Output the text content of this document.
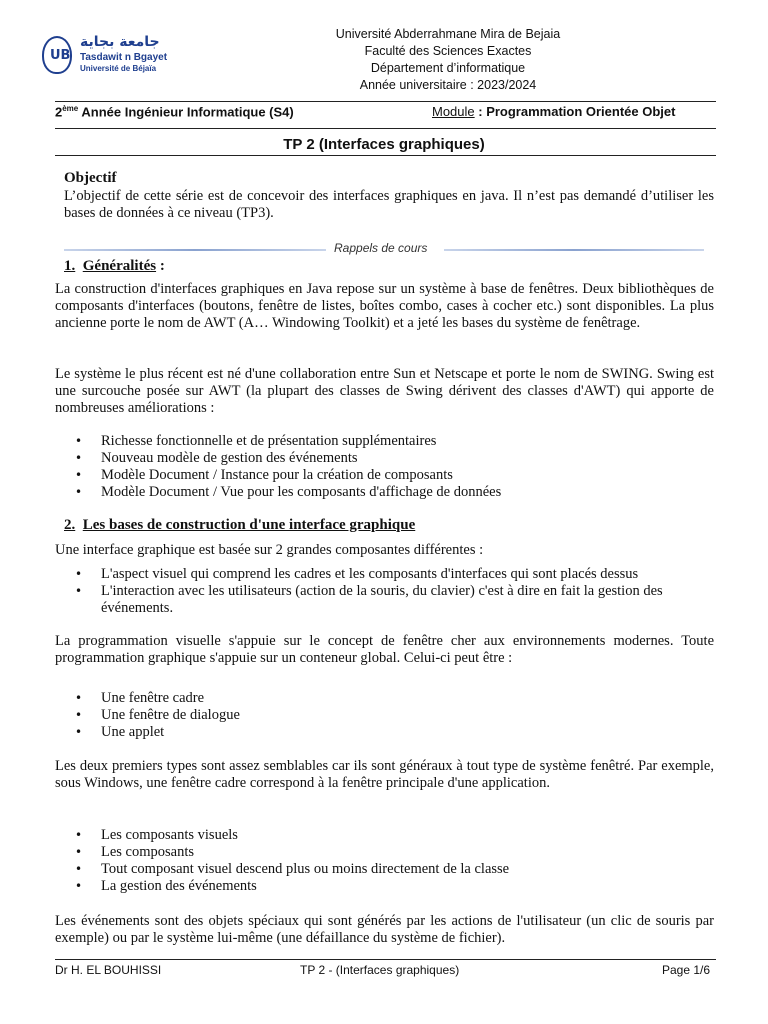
UB
جامعة بجاية
Tasdawit n Bgayet
Université de Béjaïa
Université Abderrahmane Mira de Bejaia
Faculté des Sciences Exactes
Département d’informatique
Année universitaire : 2023/2024
2ème Année Ingénieur Informatique (S4)	Module : Programmation Orientée Objet
TP 2 (Interfaces graphiques)
Objectif
L’objectif de cette série est de concevoir des interfaces graphiques en java. Il n’est pas demandé d’utiliser les bases de données à ce niveau (TP3).
Rappels de cours
1. Généralités :
La construction d'interfaces graphiques en Java repose sur un système à base de fenêtres. Deux bibliothèques de composants d'interfaces (boutons, fenêtre de listes, boîtes combo, cases à cocher etc.) sont disponibles. La plus ancienne porte le nom de AWT (A… Windowing Toolkit) et a jeté les bases du système de fenêtrage.
Le système le plus récent est né d'une collaboration entre Sun et Netscape et porte le nom de SWING. Swing est une surcouche posée sur AWT (la plupart des classes de Swing dérivent des classes d'AWT) qui apporte de nombreuses améliorations :
• Richesse fonctionnelle et de présentation supplémentaires
• Nouveau modèle de gestion des événements
• Modèle Document / Instance pour la création de composants
• Modèle Document / Vue pour les composants d'affichage de données
2. Les bases de construction d'une interface graphique
Une interface graphique est basée sur 2 grandes composantes différentes :
• L'aspect visuel qui comprend les cadres et les composants d'interfaces qui sont placés dessus
• L'interaction avec les utilisateurs (action de la souris, du clavier) c'est à dire en fait la gestion des événements.
La programmation visuelle s'appuie sur le concept de fenêtre cher aux environnements modernes. Toute programmation graphique s'appuie sur un conteneur global. Celui-ci peut être :
• Une fenêtre cadre
• Une fenêtre de dialogue
• Une applet
Les deux premiers types sont assez semblables car ils sont généraux à tout type de système fenêtré. Par exemple, sous Windows, une fenêtre cadre correspond à la fenêtre principale d'une application.
• Les composants visuels
• Les composants
• Tout composant visuel descend plus ou moins directement de la classe
• La gestion des événements
Les événements sont des objets spéciaux qui sont générés par les actions de l'utilisateur (un clic de souris par exemple) ou par le système lui-même (une défaillance du système de fichier).
Dr H. EL BOUHISSI	TP 2 - (Interfaces graphiques)	Page 1/6
